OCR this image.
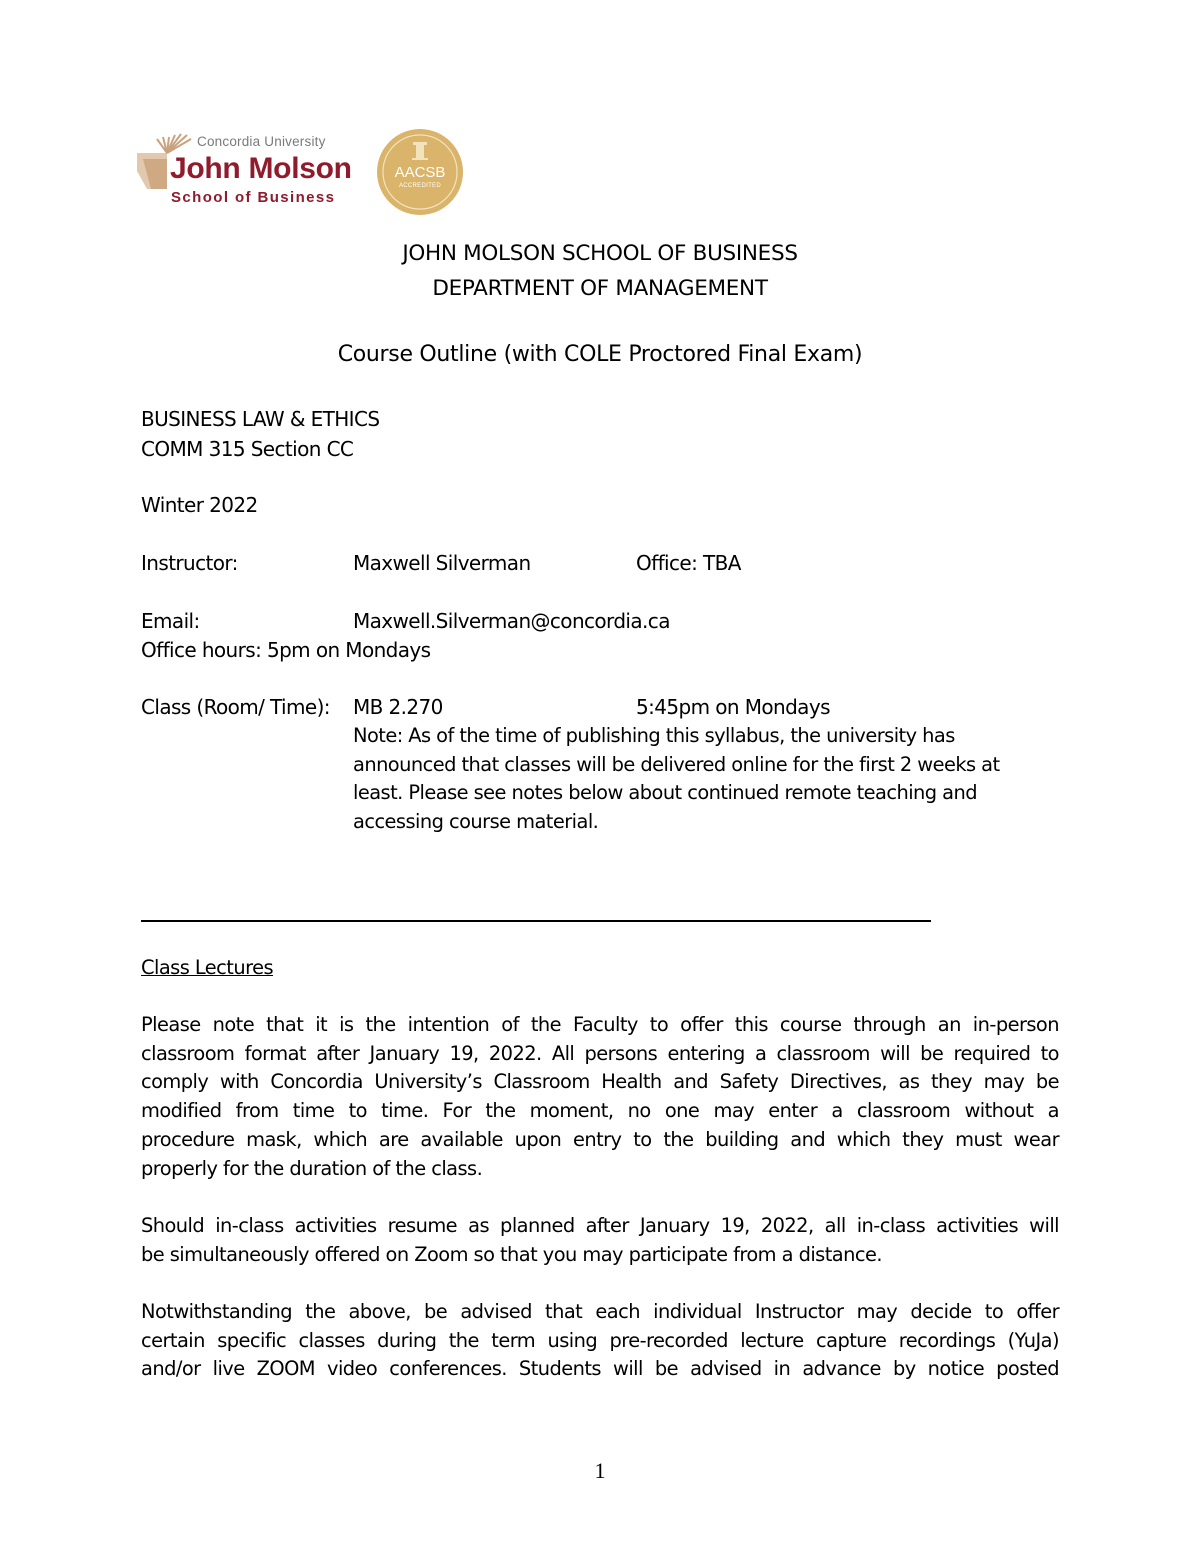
Concordia University
John Molson
School of Business
AACSB
ACCREDITED
JOHN MOLSON SCHOOL OF BUSINESS
DEPARTMENT OF MANAGEMENT
Course Outline (with COLE Proctored Final Exam)
BUSINESS LAW & ETHICS
COMM 315 Section CC
Winter 2022
Instructor:	Maxwell Silverman	Office: TBA
Email:	Maxwell.Silverman@concordia.ca
Office hours: 5pm on Mondays
Class (Room/ Time): MB 2.270	5:45pm on Mondays
Note: As of the time of publishing this syllabus, the university has
announced that classes will be delivered online for the first 2 weeks at
least. Please see notes below about continued remote teaching and
accessing course material.
Class Lectures
Please note that it is the intention of the Faculty to offer this course through an in-person
classroom format after January 19, 2022. All persons entering a classroom will be required to
comply with Concordia University’s Classroom Health and Safety Directives, as they may be
modified from time to time. For the moment, no one may enter a classroom without a
procedure mask, which are available upon entry to the building and which they must wear
properly for the duration of the class.
Should in-class activities resume as planned after January 19, 2022, all in-class activities will
be simultaneously offered on Zoom so that you may participate from a distance.
Notwithstanding the above, be advised that each individual Instructor may decide to offer
certain specific classes during the term using pre-recorded lecture capture recordings (YuJa)
and/or live ZOOM video conferences. Students will be advised in advance by notice posted
1
